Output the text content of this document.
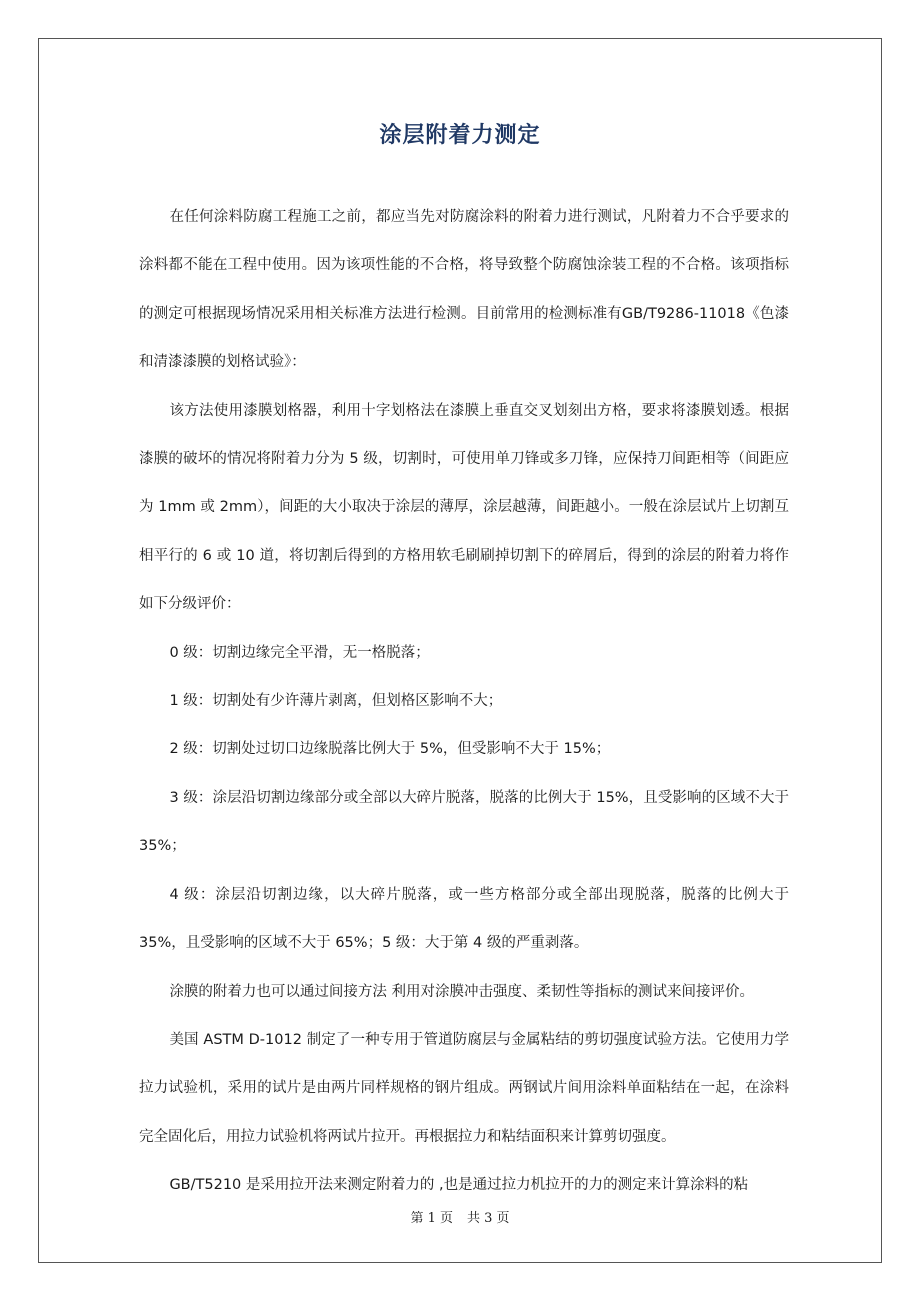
涂层附着力测定

在任何涂料防腐工程施工之前，都应当先对防腐涂料的附着力进行测试，凡附着力不合乎要求的涂料都不能在工程中使用。因为该项性能的不合格，将导致整个防腐蚀涂装工程的不合格。该项指标的测定可根据现场情况采用相关标准方法进行检测。目前常用的检测标准有GB/T9286-11018《色漆和清漆漆膜的划格试验》：

该方法使用漆膜划格器，利用十字划格法在漆膜上垂直交叉划刻出方格，要求将漆膜划透。根据漆膜的破坏的情况将附着力分为 5 级，切割时，可使用单刀锋或多刀锋，应保持刀间距相等（间距应为 1mm 或 2mm），间距的大小取决于涂层的薄厚，涂层越薄，间距越小。一般在涂层试片上切割互相平行的 6 或 10 道，将切割后得到的方格用软毛刷刷掉切割下的碎屑后，得到的涂层的附着力将作如下分级评价：

0 级：切割边缘完全平滑，无一格脱落；

1 级：切割处有少许薄片剥离，但划格区影响不大；

2 级：切割处过切口边缘脱落比例大于 5%，但受影响不大于 15%；

3 级：涂层沿切割边缘部分或全部以大碎片脱落，脱落的比例大于 15%，且受影响的区域不大于 35%；

4 级：涂层沿切割边缘，以大碎片脱落，或一些方格部分或全部出现脱落，脱落的比例大于 35%，且受影响的区域不大于 65%；5 级：大于第 4 级的严重剥落。

涂膜的附着力也可以通过间接方法 利用对涂膜冲击强度、柔韧性等指标的测试来间接评价。

美国 ASTM D-1012 制定了一种专用于管道防腐层与金属粘结的剪切强度试验方法。它使用力学拉力试验机，采用的试片是由两片同样规格的钢片组成。两钢试片间用涂料单面粘结在一起，在涂料完全固化后，用拉力试验机将两试片拉开。再根据拉力和粘结面积来计算剪切强度。

GB/T5210 是采用拉开法来测定附着力的 ,也是通过拉力机拉开的力的测定来计算涂料的粘

第 1 页 共 3 页
